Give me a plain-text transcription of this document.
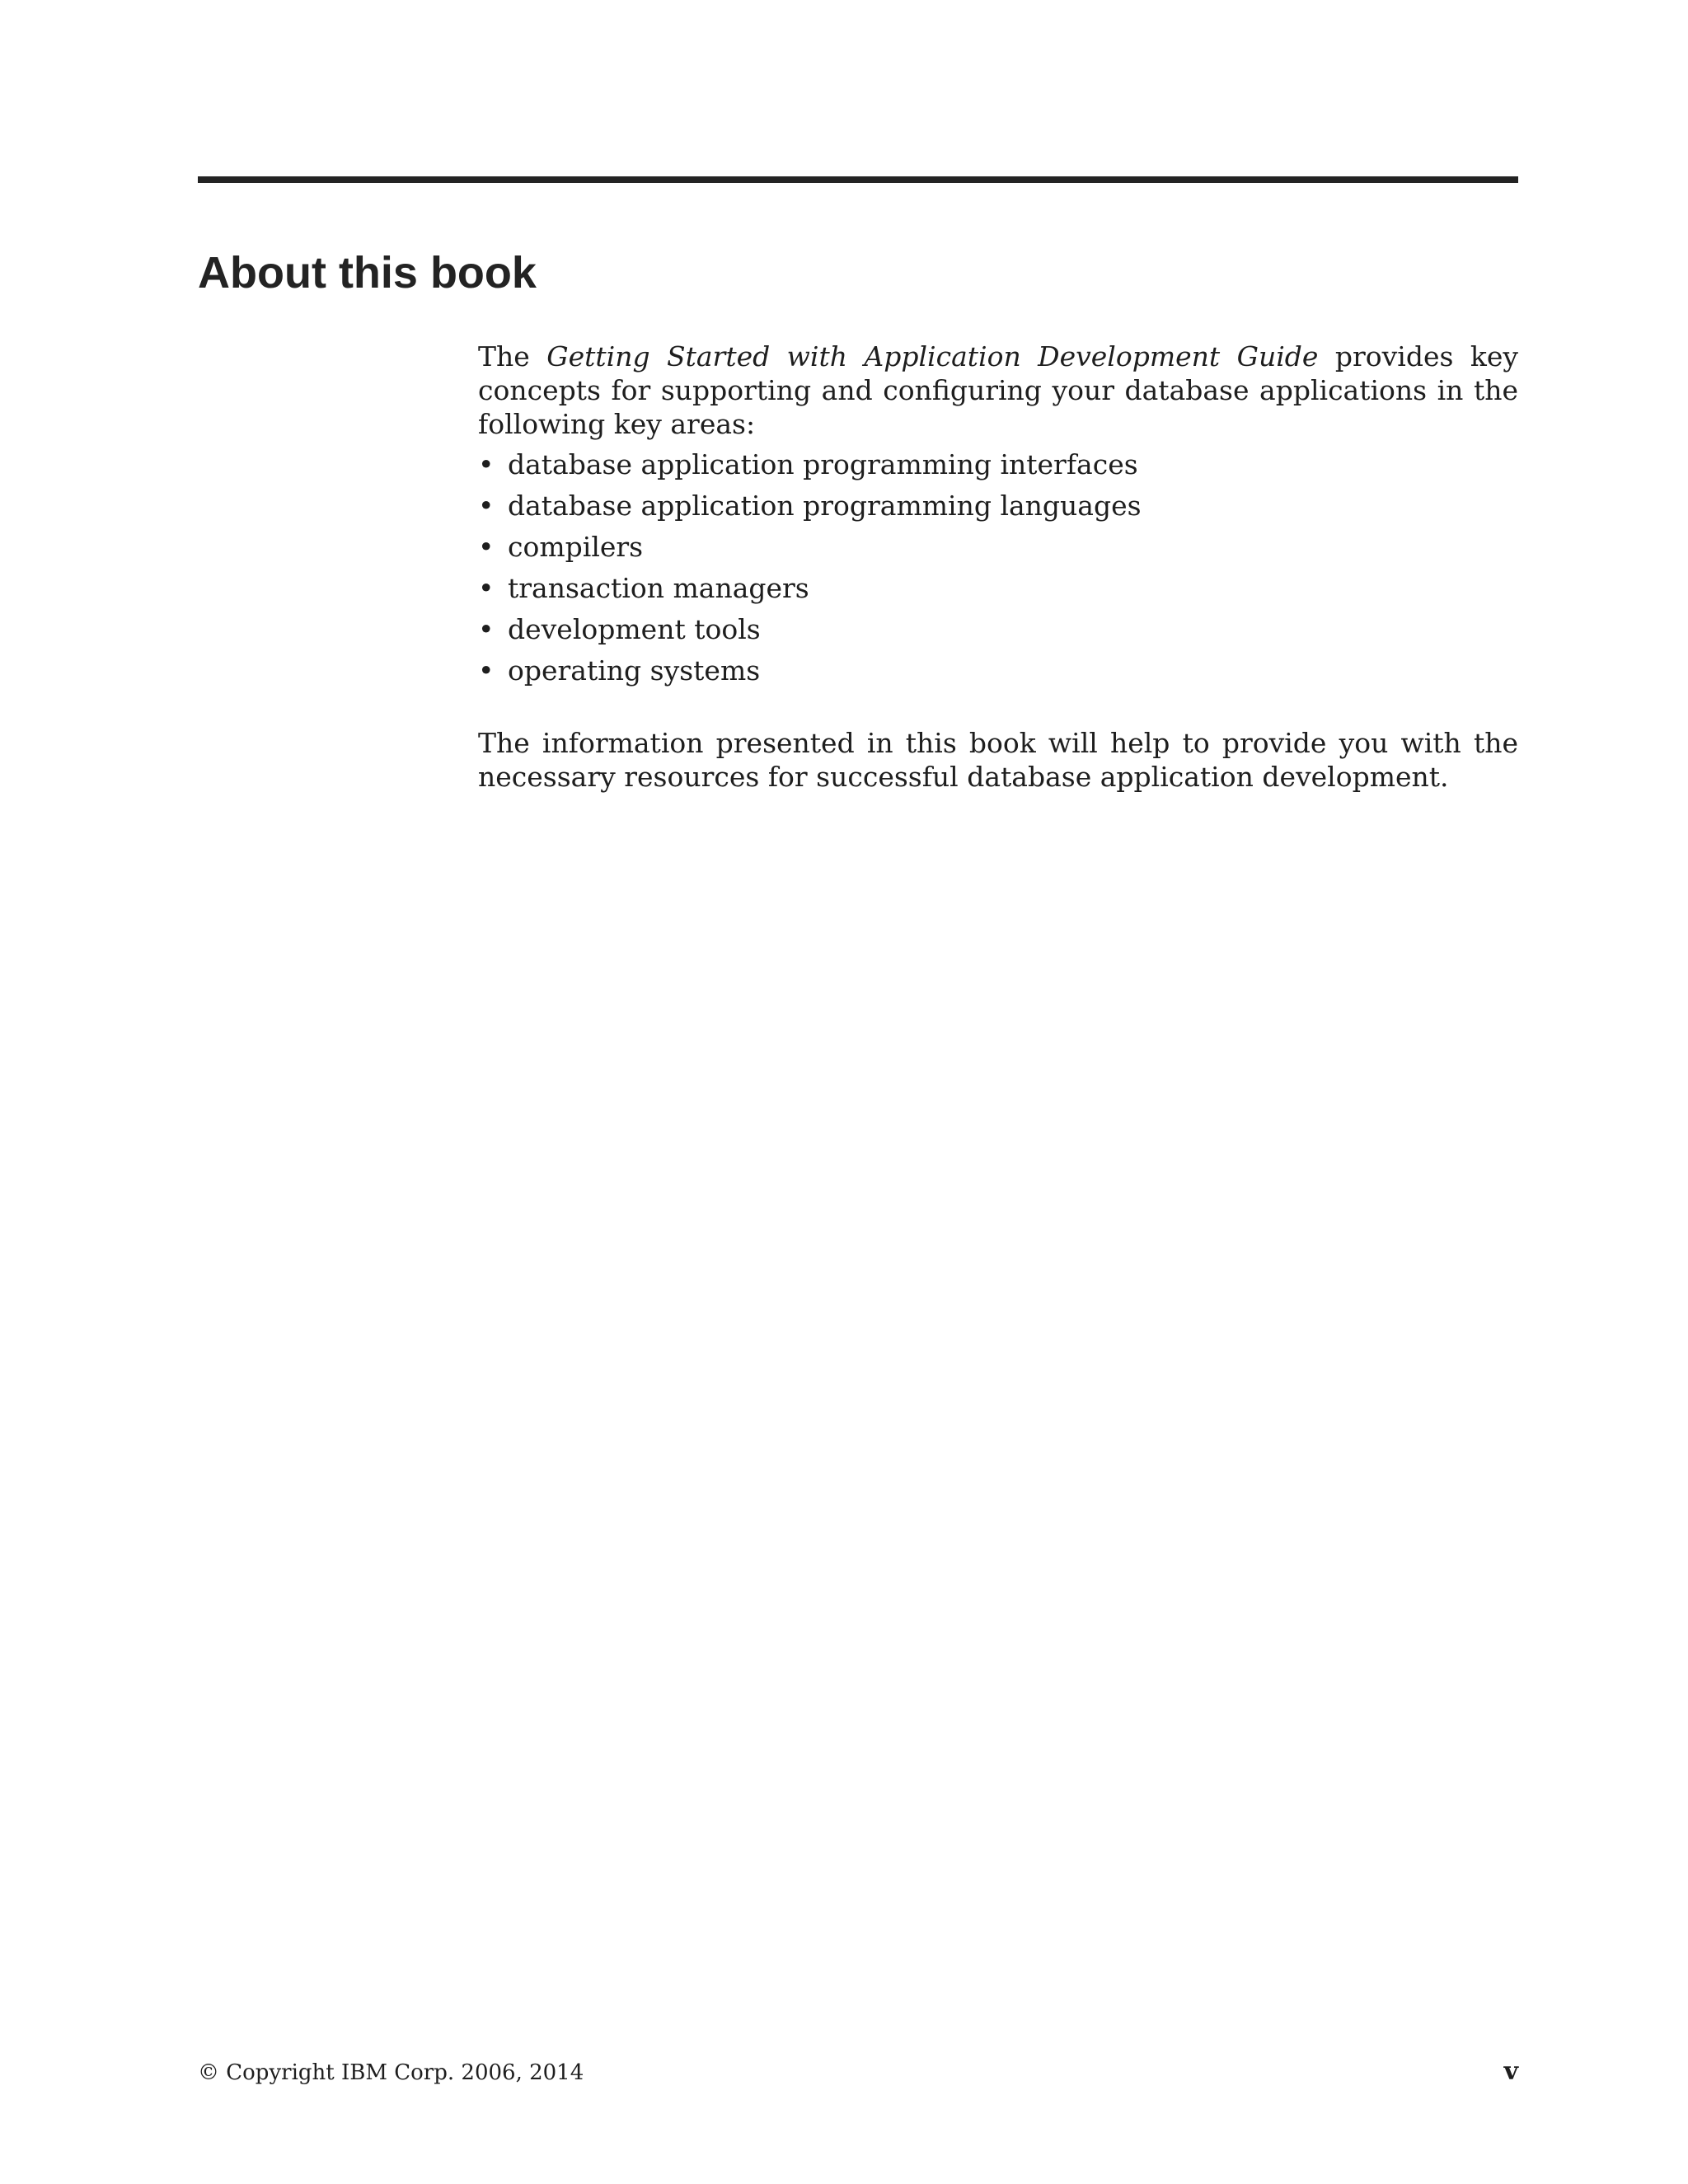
About this book

The Getting Started with Application Development Guide provides key concepts for supporting and configuring your database applications in the following key areas:

• database application programming interfaces
• database application programming languages
• compilers
• transaction managers
• development tools
• operating systems

The information presented in this book will help to provide you with the necessary resources for successful database application development.

© Copyright IBM Corp. 2006, 2014	v
